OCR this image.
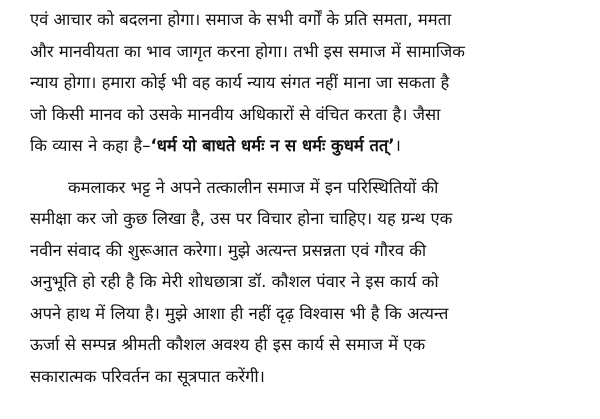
एवं आचार को बदलना होगा। समाज के सभी वर्गों के प्रति समता, ममता
और मानवीयता का भाव जागृत करना होगा। तभी इस समाज में सामाजिक
न्याय होगा। हमारा कोई भी वह कार्य न्याय संगत नहीं माना जा सकता है
जो किसी मानव को उसके मानवीय अधिकारों से वंचित करता है। जैसा
कि व्यास ने कहा है–‘धर्म यो बाधते धर्मः न स धर्मः कुधर्म तत्’।
कमलाकर भट्ट ने अपने तत्कालीन समाज में इन परिस्थितियों की
समीक्षा कर जो कुछ लिखा है, उस पर विचार होना चाहिए। यह ग्रन्थ एक
नवीन संवाद की शुरूआत करेगा। मुझे अत्यन्त प्रसन्नता एवं गौरव की
अनुभूति हो रही है कि मेरी शोधछात्रा डॉ. कौशल पंवार ने इस कार्य को
अपने हाथ में लिया है। मुझे आशा ही नहीं दृढ़ विश्वास भी है कि अत्यन्त
ऊर्जा से सम्पन्न श्रीमती कौशल अवश्य ही इस कार्य से समाज में एक
सकारात्मक परिवर्तन का सूत्रपात करेंगी।
